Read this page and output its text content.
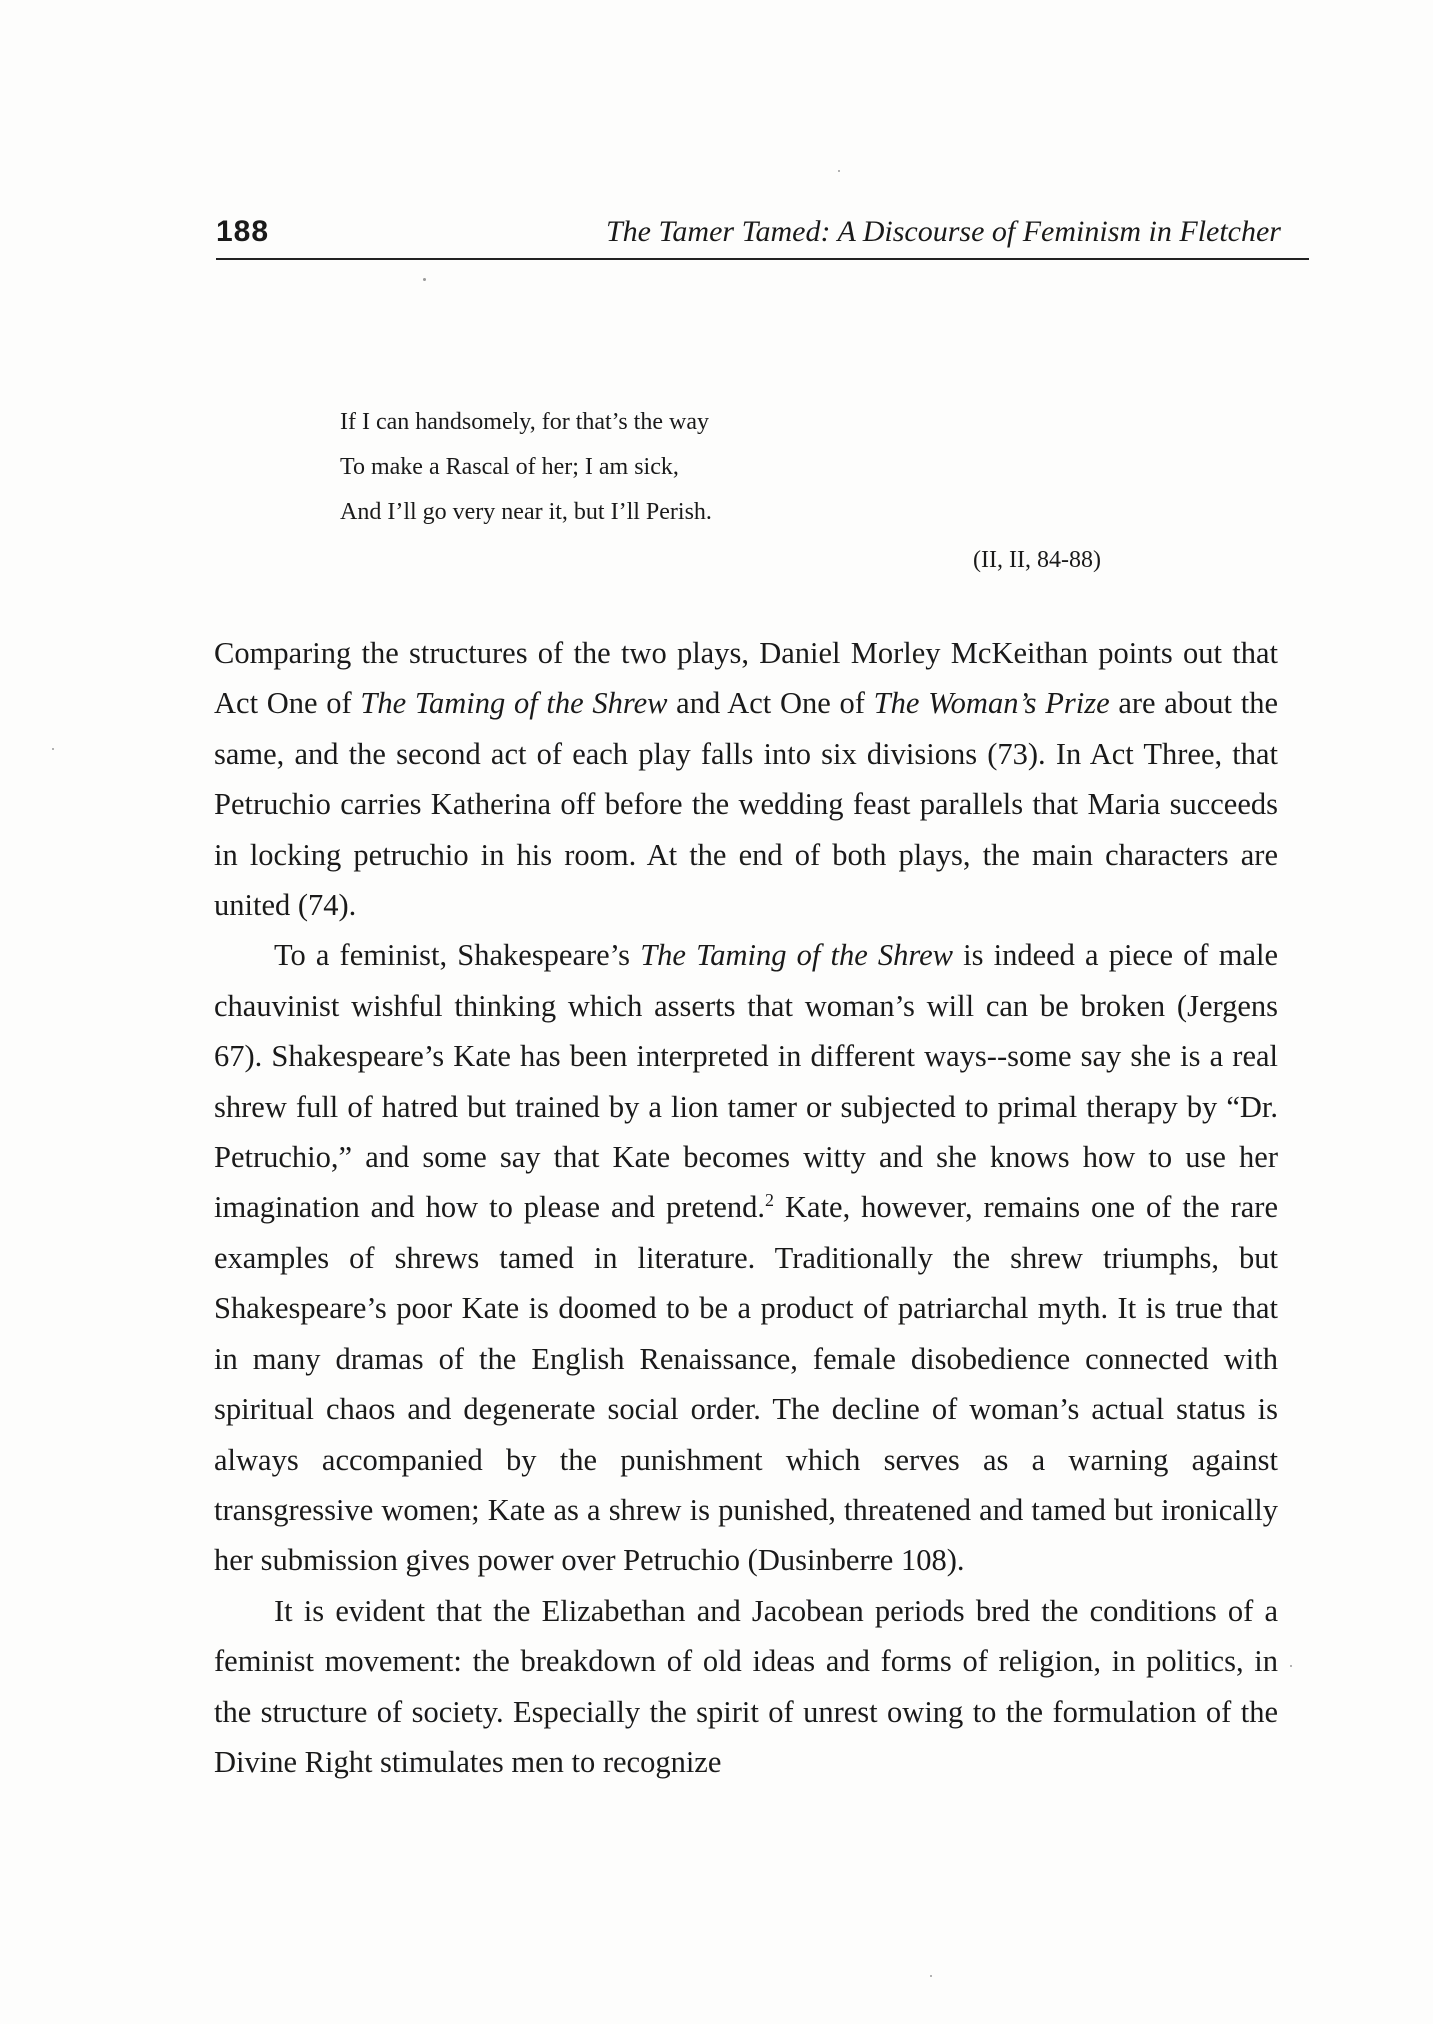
188	The Tamer Tamed: A Discourse of Feminism in Fletcher
If I can handsomely, for that’s the way
To make a Rascal of her; I am sick,
And I’ll go very near it, but I’ll Perish.
(II, II, 84-88)

Comparing the structures of the two plays, Daniel Morley McKeithan points out that Act One of The Taming of the Shrew and Act One of The Woman’s Prize are about the same, and the second act of each play falls into six divisions (73). In Act Three, that Petruchio carries Katherina off before the wedding feast parallels that Maria succeeds in locking petruchio in his room. At the end of both plays, the main characters are united (74).

To a feminist, Shakespeare’s The Taming of the Shrew is indeed a piece of male chauvinist wishful thinking which asserts that woman’s will can be broken (Jergens 67). Shakespeare’s Kate has been interpreted in different ways--some say she is a real shrew full of hatred but trained by a lion tamer or subjected to primal therapy by “Dr. Petruchio,” and some say that Kate becomes witty and she knows how to use her imagination and how to please and pretend.$^2$ Kate, however, remains one of the rare examples of shrews tamed in literature. Traditionally the shrew triumphs, but Shakespeare’s poor Kate is doomed to be a product of patriarchal myth. It is true that in many dramas of the English Renaissance, female disobedience connected with spiritual chaos and degenerate social order. The decline of woman’s actual status is always accompanied by the punishment which serves as a warning against transgressive women; Kate as a shrew is punished, threatened and tamed but ironically her submission gives power over Petruchio (Dusinberre 108).

It is evident that the Elizabethan and Jacobean periods bred the conditions of a feminist movement: the breakdown of old ideas and forms of religion, in politics, in the structure of society. Especially the spirit of unrest owing to the formulation of the Divine Right stimulates men to recognize
